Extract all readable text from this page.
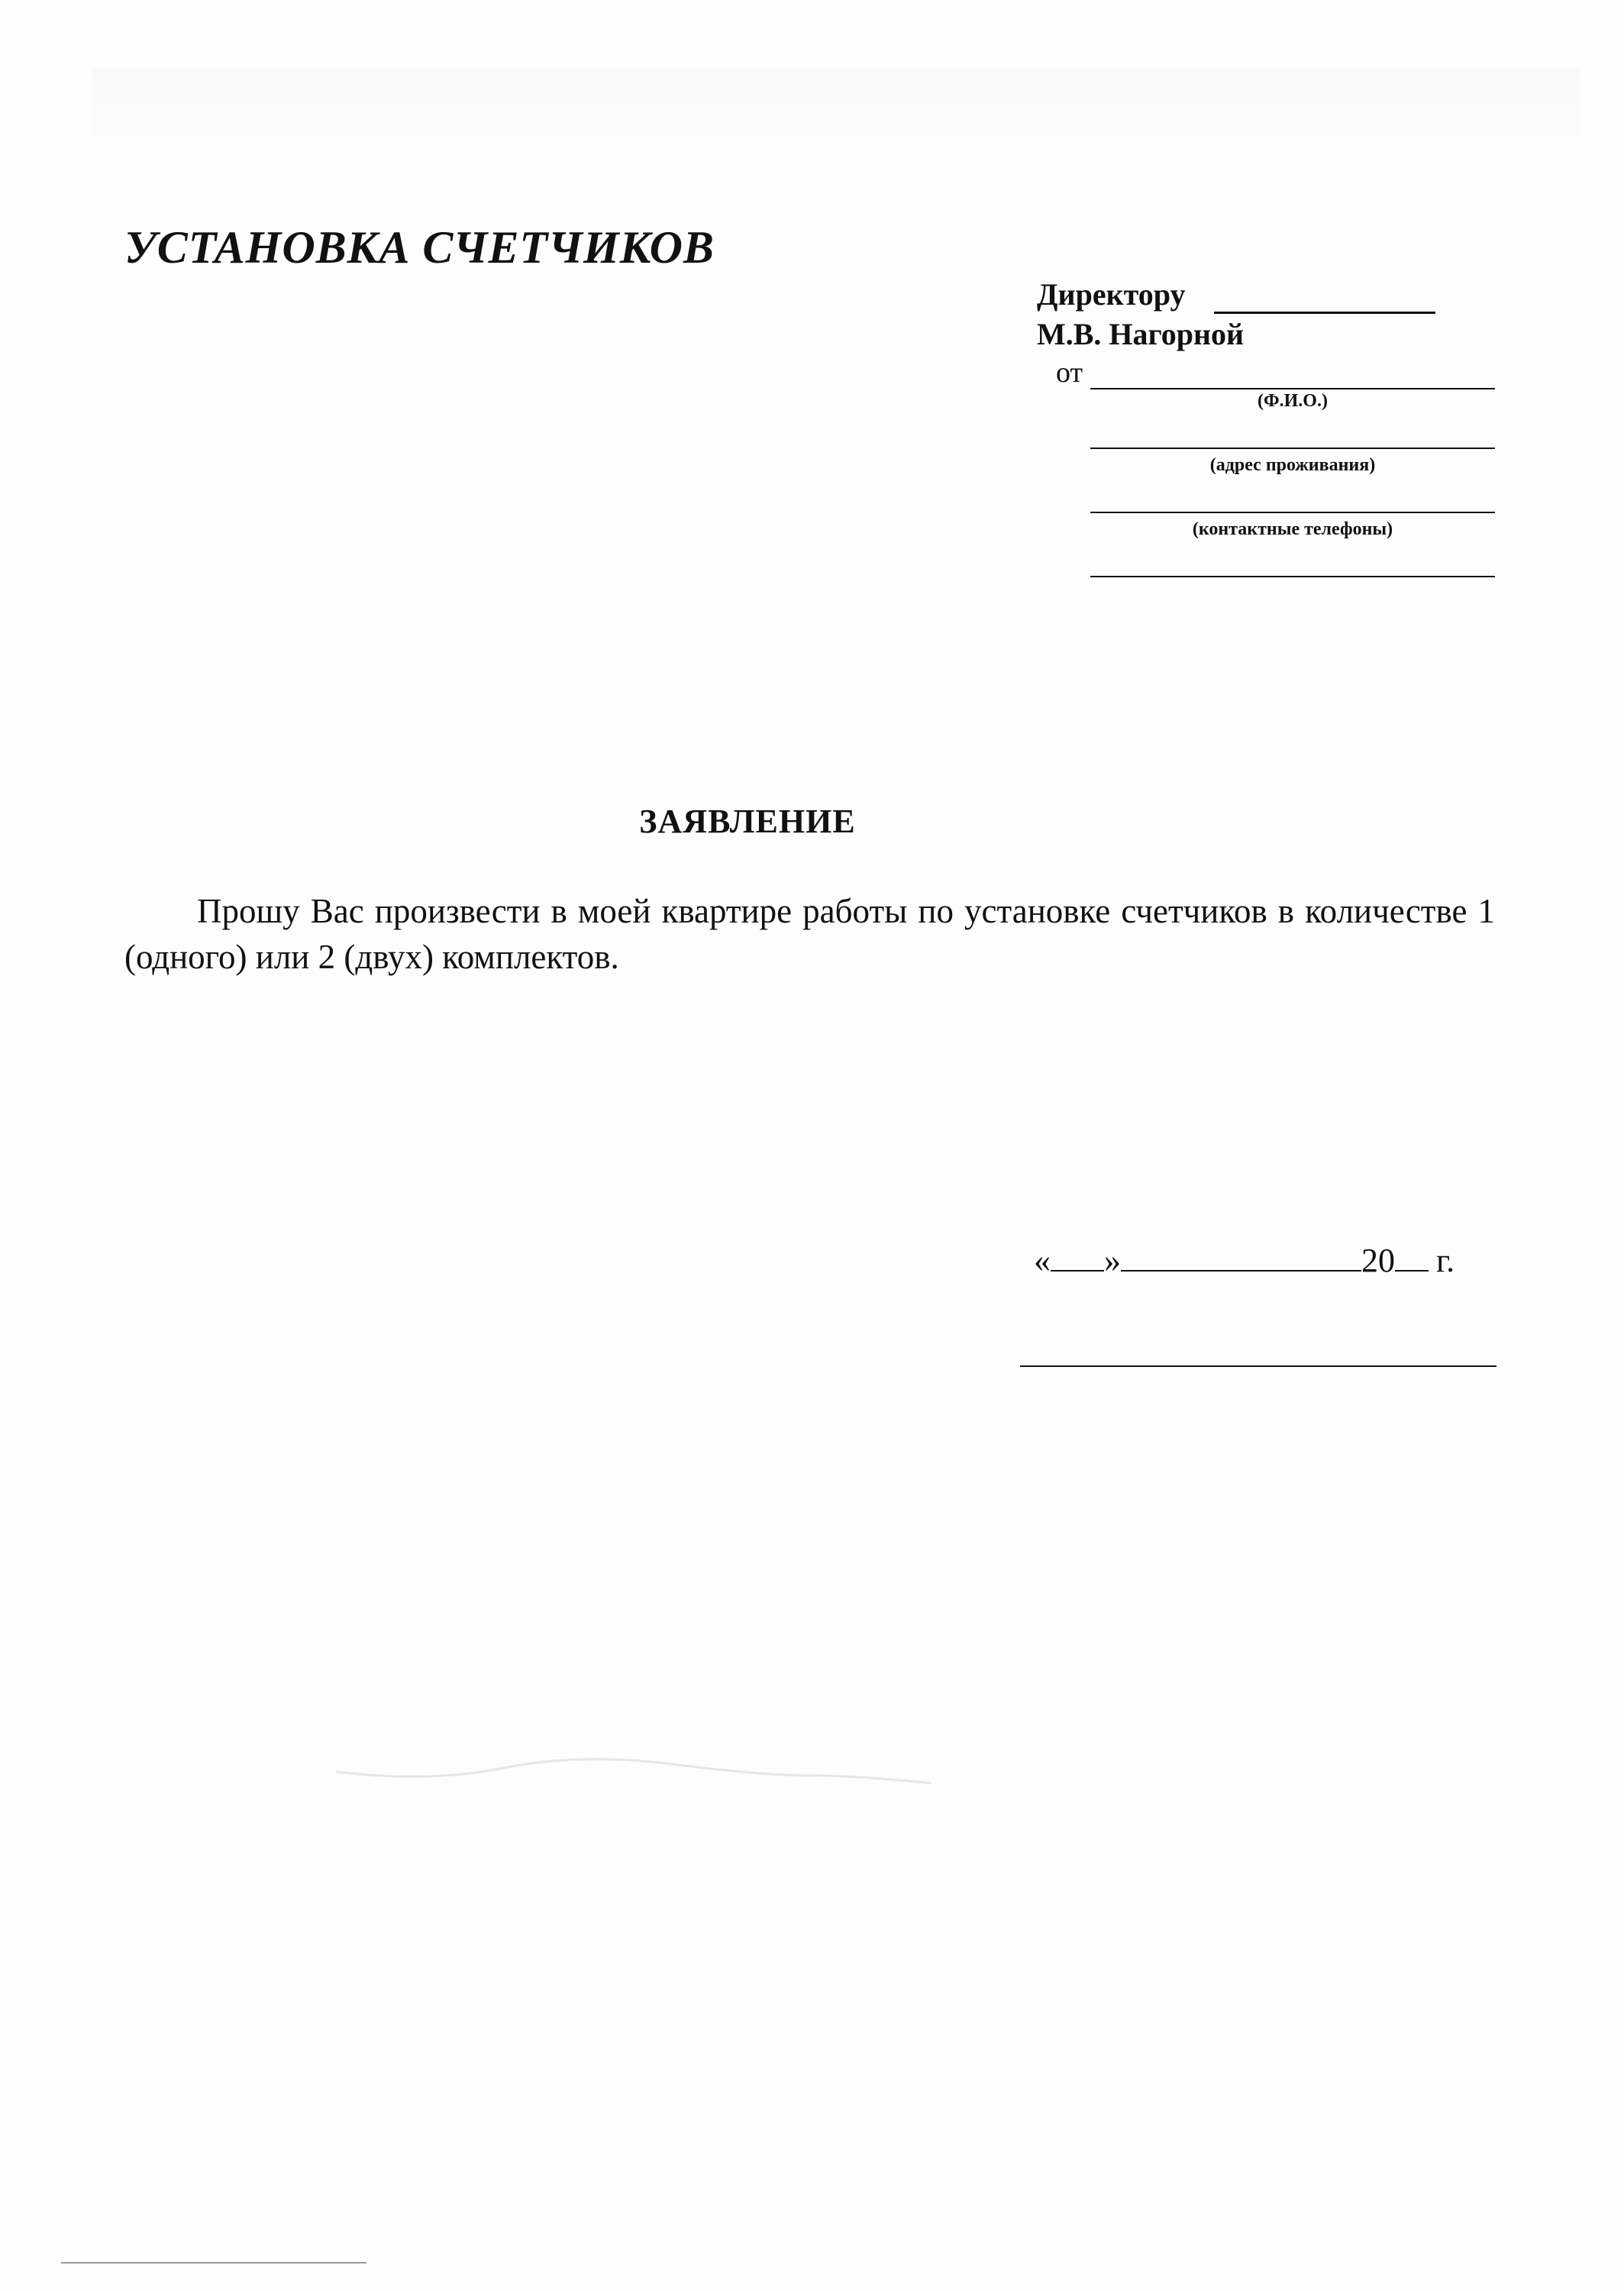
УСТАНОВКА СЧЕТЧИКОВ
Директору
М.В. Нагорной
от
(Ф.И.О.)
(адрес проживания)
(контактные телефоны)
ЗАЯВЛЕНИЕ
Прошу Вас произвести в моей квартире работы по установке счетчиков в количестве 1 (одного) или 2 (двух) комплектов.
« »	20 г.
